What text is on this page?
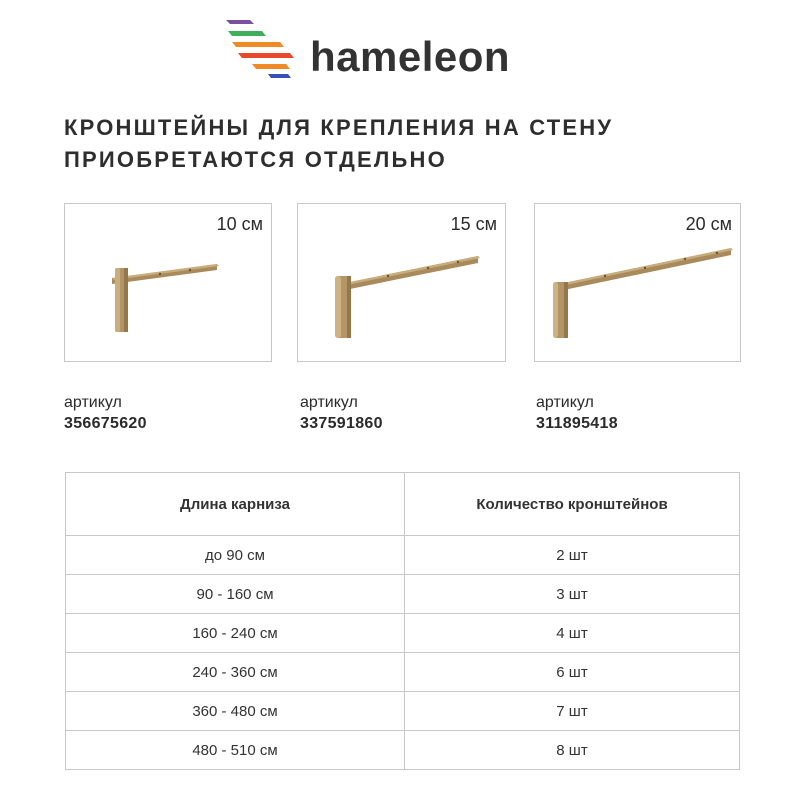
hameleon
КРОНШТЕЙНЫ ДЛЯ КРЕПЛЕНИЯ НА СТЕНУ
ПРИОБРЕТАЮТСЯ ОТДЕЛЬНО
10 см	15 см	20 см
артикул
356675620
артикул
337591860
артикул
311895418
Длина карниза	Количество кронштейнов
до 90 см	2 шт
90 - 160 см	3 шт
160 - 240 см	4 шт
240 - 360 см	6 шт
360 - 480 см	7 шт
480 - 510 см	8 шт
